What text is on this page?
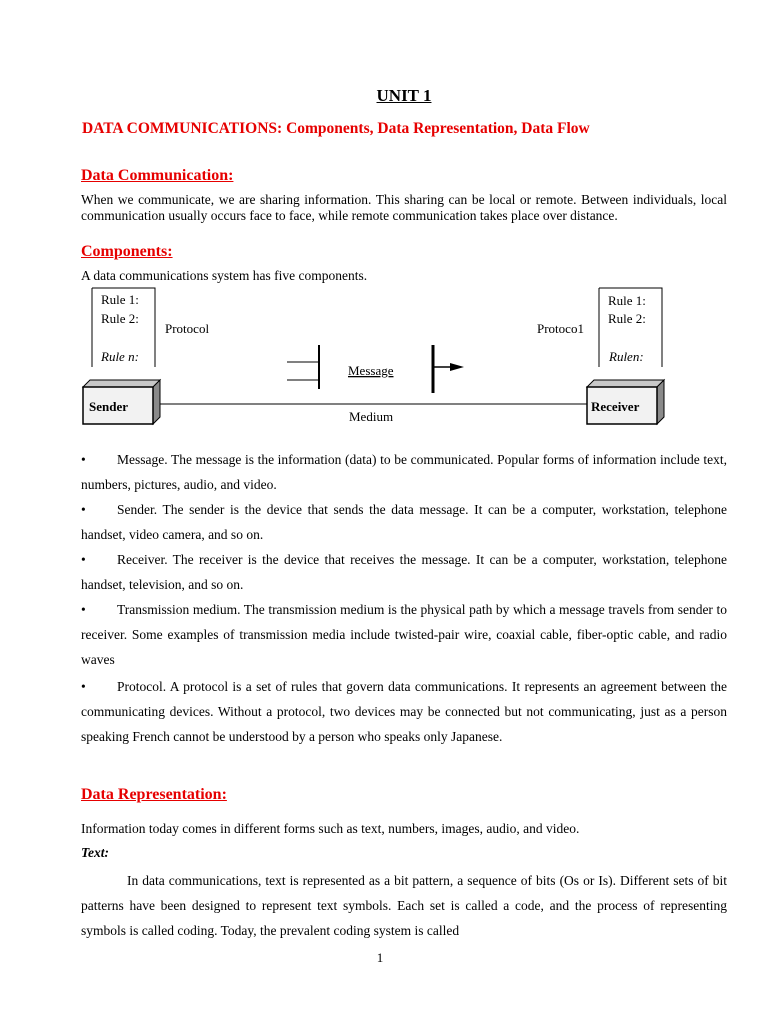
UNIT 1
DATA COMMUNICATIONS: Components, Data Representation, Data Flow
Data Communication:
When we communicate, we are sharing information. This sharing can be local or remote. Between individuals, local communication usually occurs face to face, while remote communication takes place over distance.
Components:
A data communications system has five components.
Rule 1:
Rule 2:
Rule n:
Protocol
Rule 1:
Rule 2:
Rulen:
Protoco1
Message
Sender
Medium
Receiver
• Message. The message is the information (data) to be communicated. Popular forms of information include text, numbers, pictures, audio, and video.
• Sender. The sender is the device that sends the data message. It can be a computer, workstation, telephone handset, video camera, and so on.
• Receiver. The receiver is the device that receives the message. It can be a computer, workstation, telephone handset, television, and so on.
• Transmission medium. The transmission medium is the physical path by which a message travels from sender to receiver. Some examples of transmission media include twisted-pair wire, coaxial cable, fiber-optic cable, and radio waves
• Protocol. A protocol is a set of rules that govern data communications. It represents an agreement between the communicating devices. Without a protocol, two devices may be connected but not communicating, just as a person speaking French cannot be understood by a person who speaks only Japanese.
Data Representation:
Information today comes in different forms such as text, numbers, images, audio, and video.
Text:
In data communications, text is represented as a bit pattern, a sequence of bits (Os or Is). Different sets of bit patterns have been designed to represent text symbols. Each set is called a code, and the process of representing symbols is called coding. Today, the prevalent coding system is called
1
